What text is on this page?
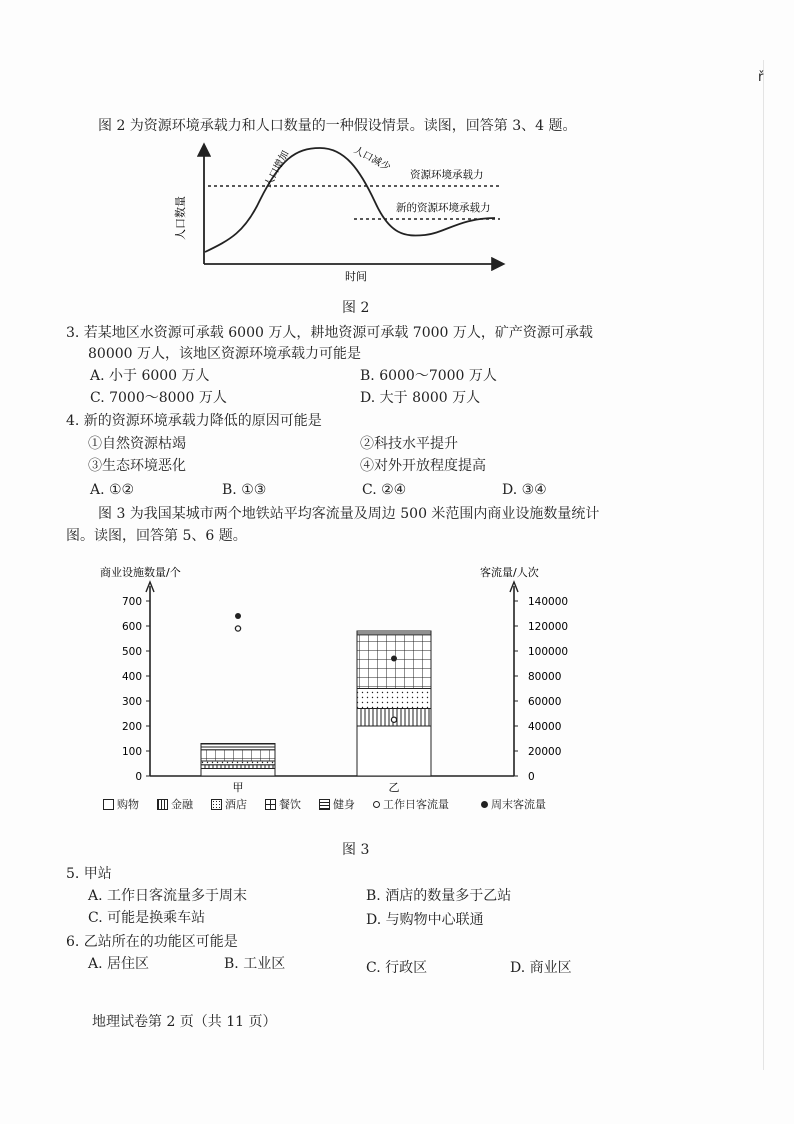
ř
图 2 为资源环境承载力和人口数量的一种假设情景。读图，回答第 3、4 题。
人口数量
时间
人口增加	人口减少
资源环境承载力
新的资源环境承载力
图 2
3. 若某地区水资源可承载 6000 万人，耕地资源可承载 7000 万人，矿产资源可承载
80000 万人，该地区资源环境承载力可能是
A. 小于 6000 万人	B. 6000～7000 万人
C. 7000～8000 万人	D. 大于 8000 万人
4. 新的资源环境承载力降低的原因可能是
①自然资源枯竭	②科技水平提升
③生态环境恶化	④对外开放程度提高
A. ①②	B. ①③	C. ②④	D. ③④
图 3 为我国某城市两个地铁站平均客流量及周边 500 米范围内商业设施数量统计
图。读图，回答第 5、6 题。
商业设施数量/个	客流量/人次
0
100
200
300
400
500
600
700
0
20000
40000
60000
80000
100000
120000
140000
甲	乙
购物	金融	酒店	餐饮	健身	工作日客流量	周末客流量
图 3
5. 甲站
A. 工作日客流量多于周末	B. 酒店的数量多于乙站
C. 可能是换乘车站	D. 与购物中心联通
6. 乙站所在的功能区可能是
A. 居住区	B. 工业区	C. 行政区	D. 商业区
地理试卷第 2 页（共 11 页）
